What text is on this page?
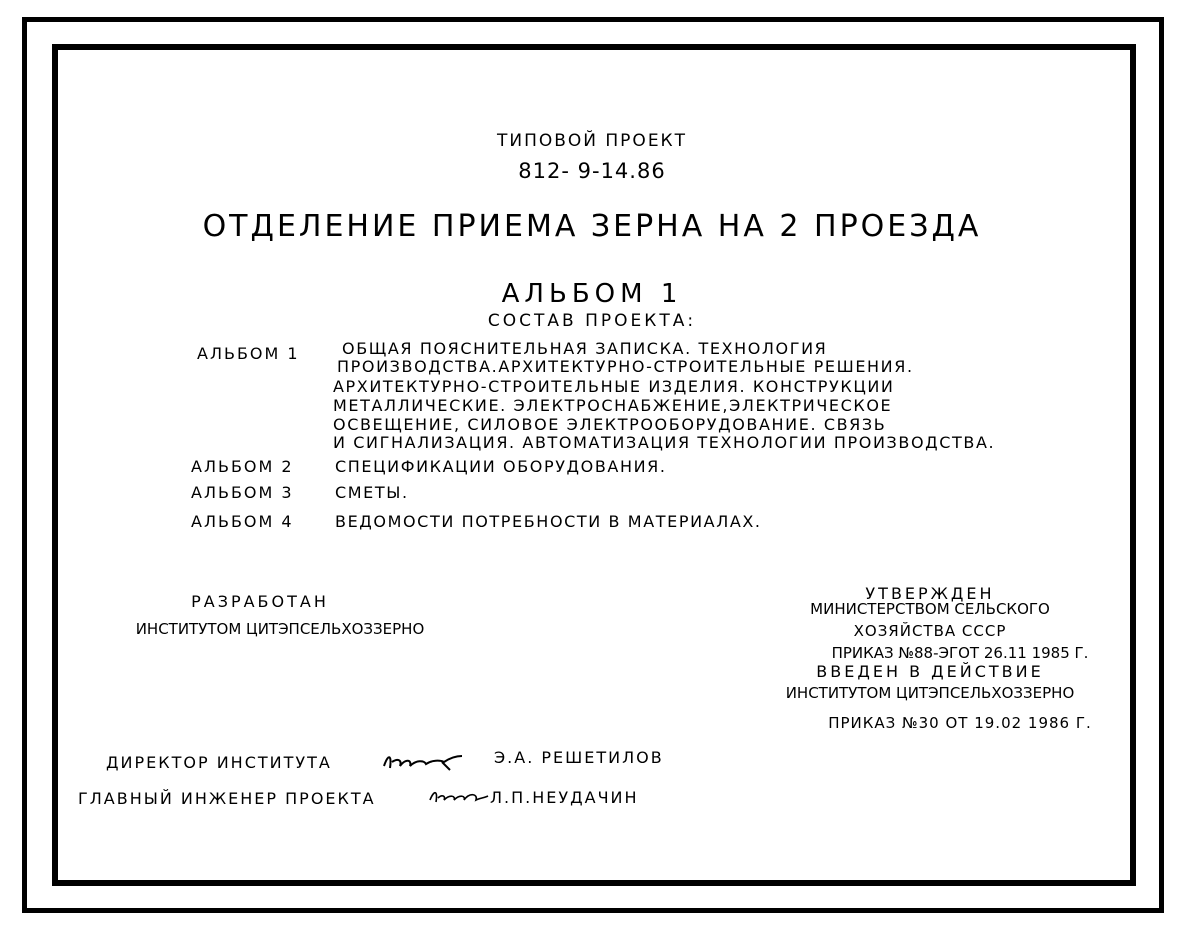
ТИПОВОЙ ПРОЕКТ
812- 9-14.86
ОТДЕЛЕНИЕ ПРИЕМА ЗЕРНА НА 2 ПРОЕЗДА
АЛЬБОМ 1
СОСТАВ ПРОЕКТА:
АЛЬБОМ 1	ОБЩАЯ ПОЯСНИТЕЛЬНАЯ ЗАПИСКА. ТЕХНОЛОГИЯ
ПРОИЗВОДСТВА.АРХИТЕКТУРНО-СТРОИТЕЛЬНЫЕ РЕШЕНИЯ.
АРХИТЕКТУРНО-СТРОИТЕЛЬНЫЕ ИЗДЕЛИЯ. КОНСТРУКЦИИ
МЕТАЛЛИЧЕСКИЕ. ЭЛЕКТРОСНАБЖЕНИЕ,ЭЛЕКТРИЧЕСКОЕ
ОСВЕЩЕНИЕ, СИЛОВОЕ ЭЛЕКТРООБОРУДОВАНИЕ. СВЯЗЬ
И СИГНАЛИЗАЦИЯ. АВТОМАТИЗАЦИЯ ТЕХНОЛОГИИ ПРОИЗВОДСТВА.
АЛЬБОМ 2	СПЕЦИФИКАЦИИ ОБОРУДОВАНИЯ.
АЛЬБОМ 3	СМЕТЫ.
АЛЬБОМ 4	ВЕДОМОСТИ ПОТРЕБНОСТИ В МАТЕРИАЛАХ.
РАЗРАБОТАН
ИНСТИТУТОМ ЦИТЭПСЕЛЬХОЗЗЕРНО
УТВЕРЖДЕН
МИНИСТЕРСТВОМ СЕЛЬСКОГО
ХОЗЯЙСТВА СССР
ПРИКАЗ №88-ЭГОТ 26.11 1985 Г.
ВВЕДЕН В ДЕЙСТВИЕ
ИНСТИТУТОМ ЦИТЭПСЕЛЬХОЗЗЕРНО
ПРИКАЗ №30 ОТ 19.02 1986 Г.
ДИРЕКТОР ИНСТИТУТА	Э.А. РЕШЕТИЛОВ
ГЛАВНЫЙ ИНЖЕНЕР ПРОЕКТА	Л.П.НЕУДАЧИН
